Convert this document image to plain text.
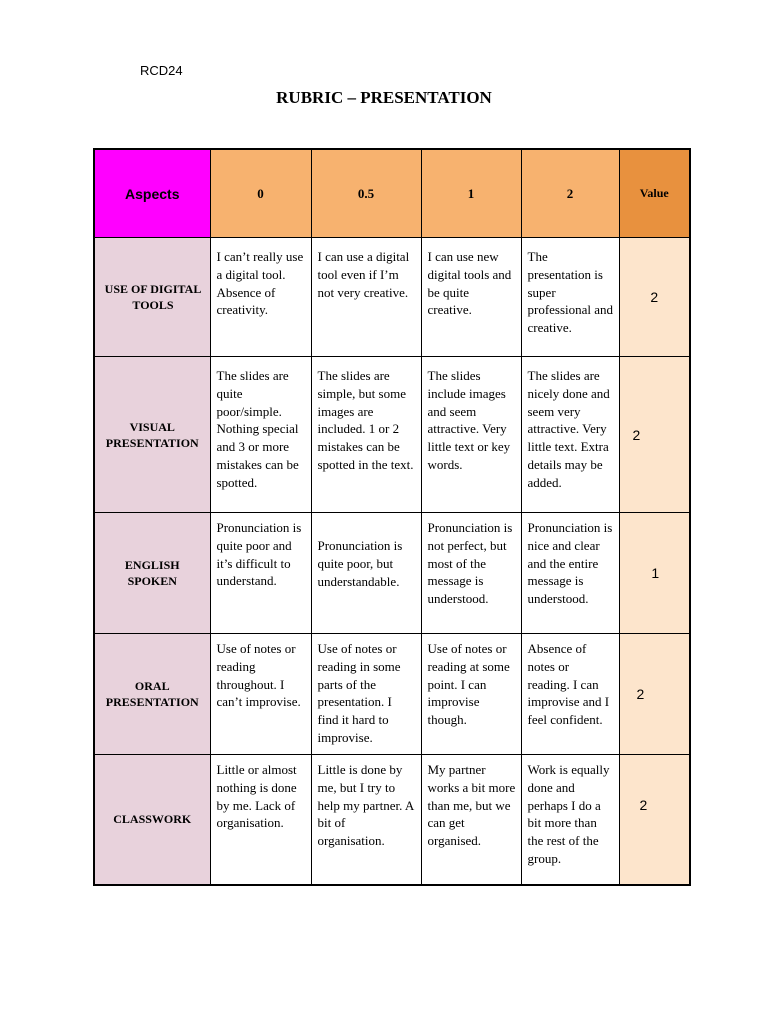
RCD24
RUBRIC – PRESENTATION
Aspects	0	0.5	1	2	Value
USE OF DIGITAL TOOLS	I can’t really use a digital tool. Absence of creativity.	I can use a digital tool even if I’m not very creative.	I can use new digital tools and be quite creative.	The presentation is super professional and creative.	2
VISUAL PRESENTATION	The slides are quite poor/simple. Nothing special and 3 or more mistakes can be spotted.	The slides are simple, but some images are included. 1 or 2 mistakes can be spotted in the text.	The slides include images and seem attractive. Very little text or key words.	The slides are nicely done and seem very attractive. Very little text. Extra details may be added.	2
ENGLISH SPOKEN	Pronunciation is quite poor and it’s difficult to understand.	Pronunciation is quite poor, but understandable.	Pronunciation is not perfect, but most of the message is understood.	Pronunciation is nice and clear and the entire message is understood.	1
ORAL PRESENTATION	Use of notes or reading throughout. I can’t improvise.	Use of notes or reading in some parts of the presentation. I find it hard to improvise.	Use of notes or reading at some point. I can improvise though.	Absence of notes or reading. I can improvise and I feel confident.	2
CLASSWORK	Little or almost nothing is done by me. Lack of organisation.	Little is done by me, but I try to help my partner. A bit of organisation.	My partner works a bit more than me, but we can get organised.	Work is equally done and perhaps I do a bit more than the rest of the group.	2
